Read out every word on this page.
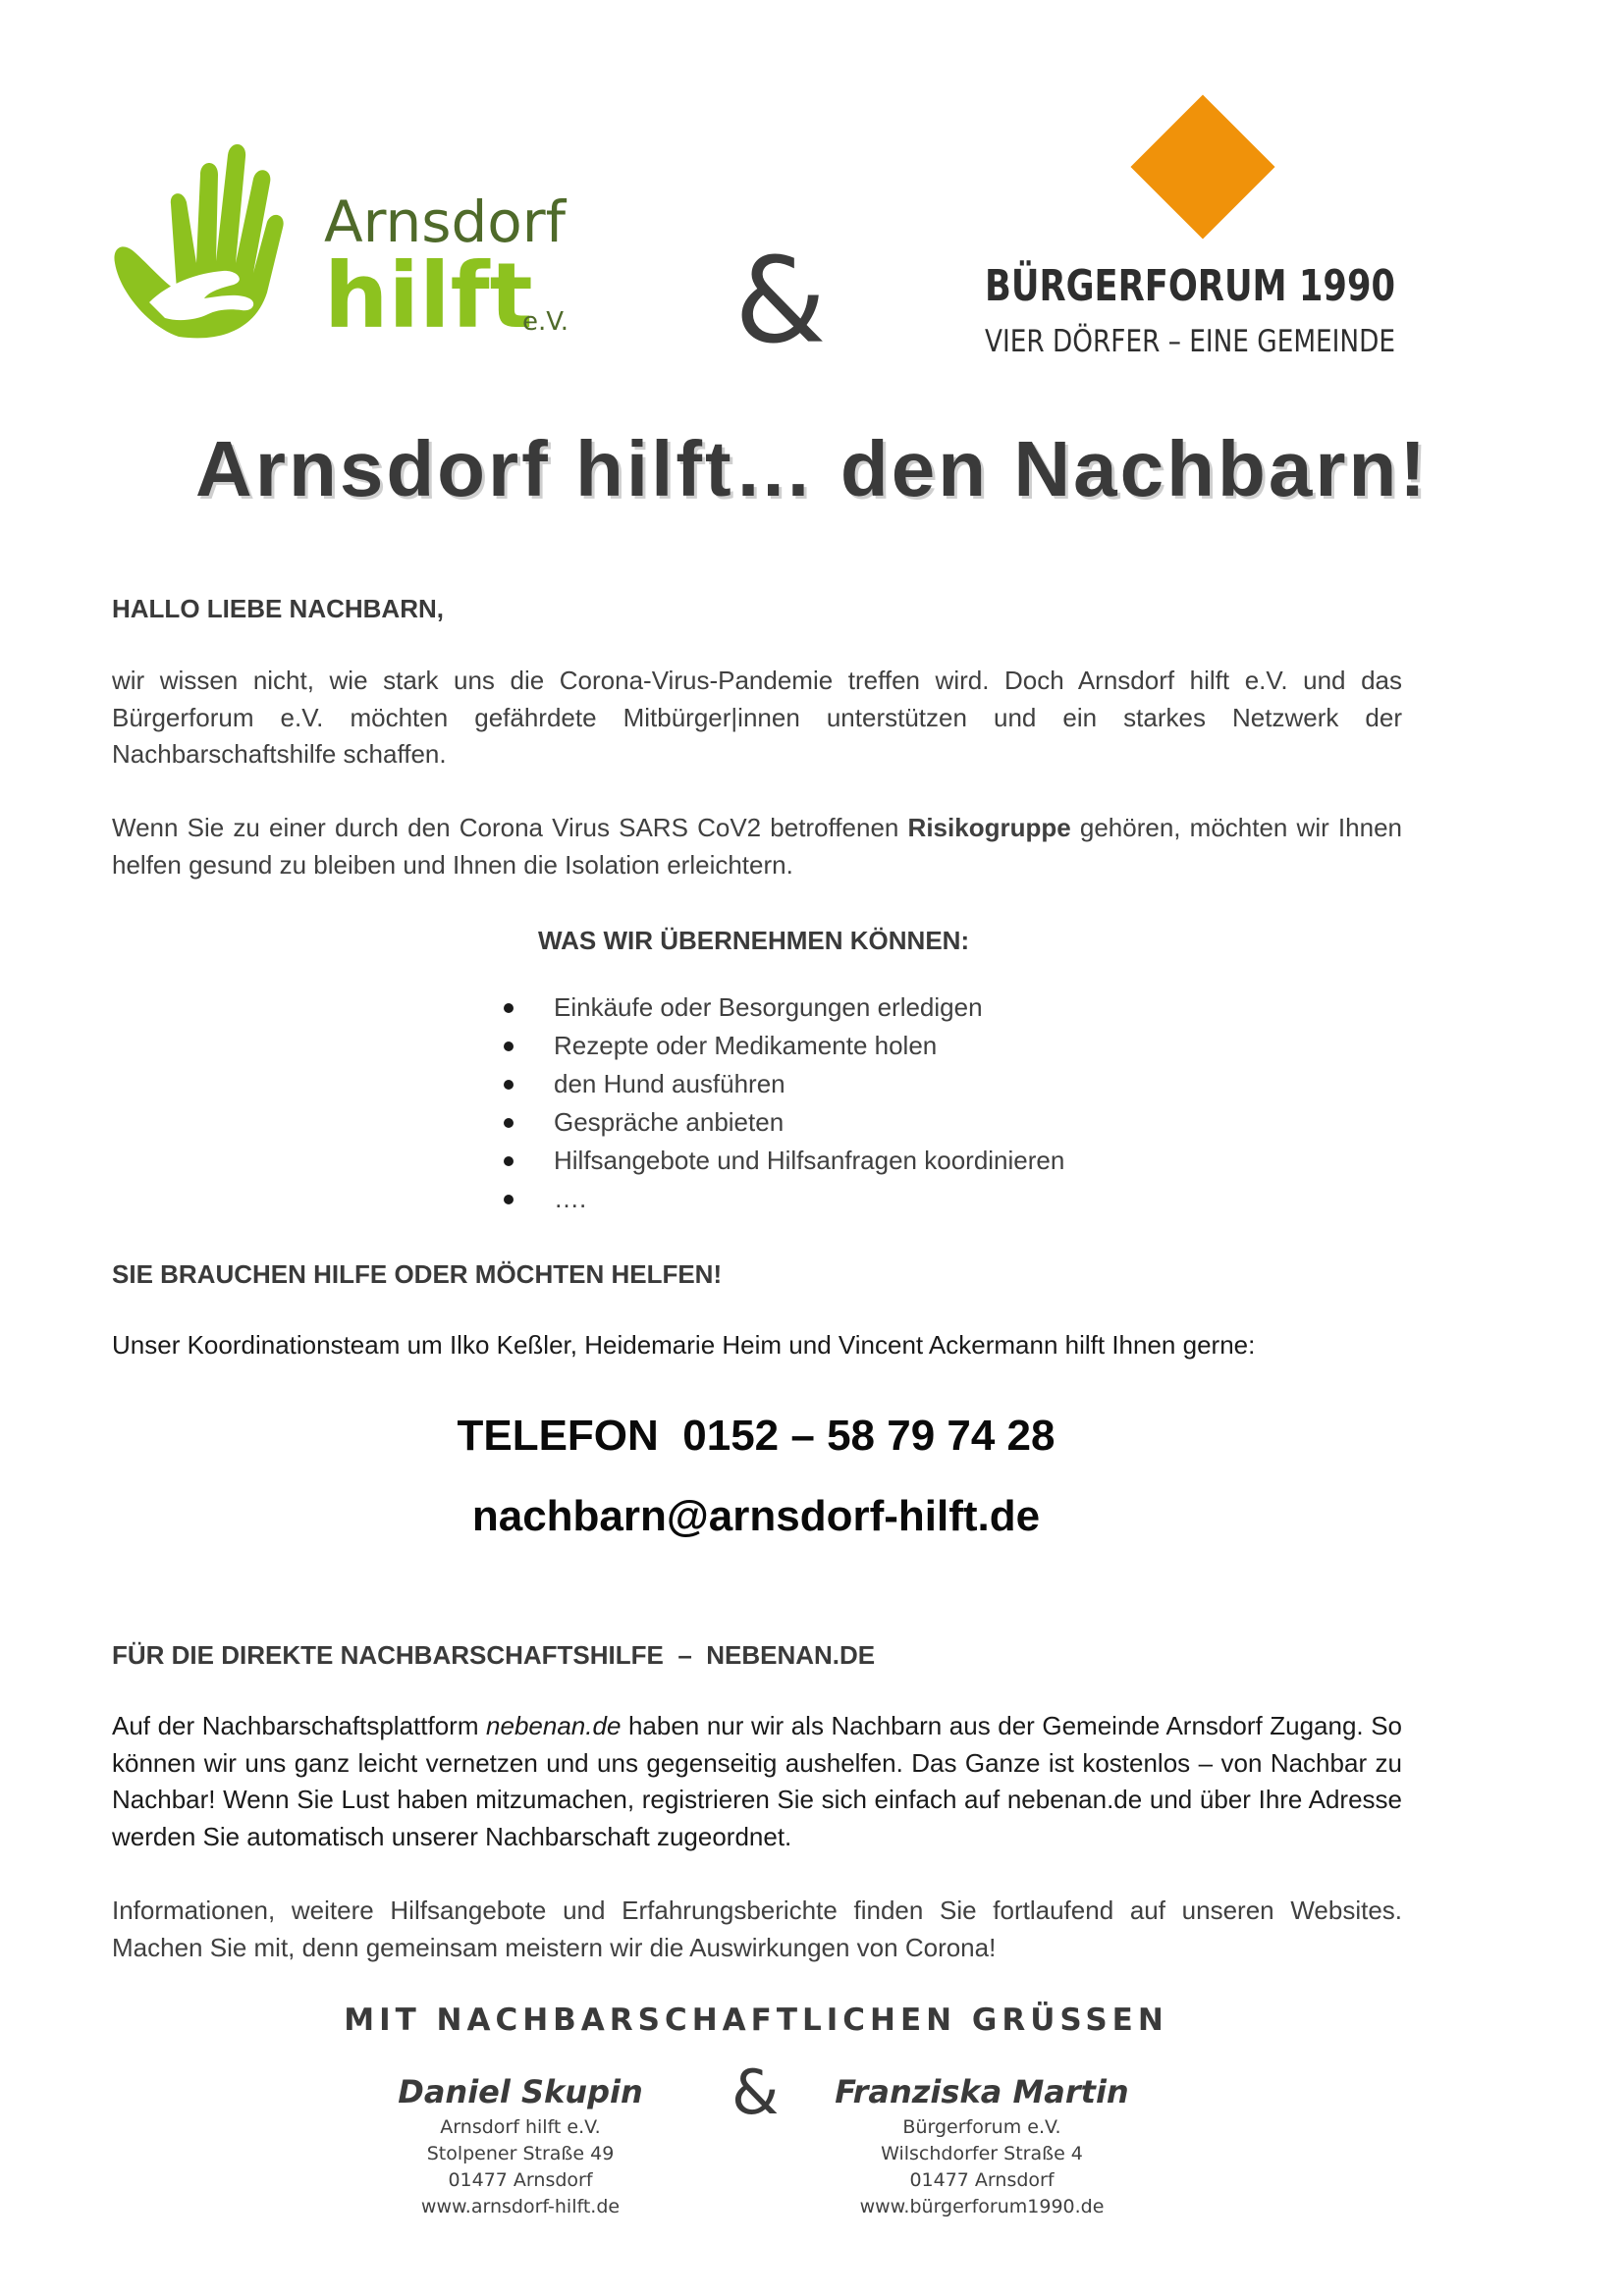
Arnsdorf
hilft
e.V. &	BÜRGERFORUM 1990
VIER DÖRFER – EINE GEMEINDE
Arnsdorf hilft… den Nachbarn!
HALLO LIEBE NACHBARN,

wir wissen nicht, wie stark uns die Corona-Virus-Pandemie treffen wird. Doch Arnsdorf hilft e.V. und das Bürgerforum e.V. möchten gefährdete Mitbürger|innen unterstützen und ein starkes Netzwerk der Nachbarschaftshilfe schaffen.

Wenn Sie zu einer durch den Corona Virus SARS CoV2 betroffenen Risikogruppe gehören, möchten wir Ihnen helfen gesund zu bleiben und Ihnen die Isolation erleichtern.

WAS WIR ÜBERNEHMEN KÖNNEN:
Einkäufe oder Besorgungen erledigen
Rezepte oder Medikamente holen
den Hund ausführen
Gespräche anbieten
Hilfsangebote und Hilfsanfragen koordinieren
….
SIE BRAUCHEN HILFE ODER MÖCHTEN HELFEN!
Unser Koordinationsteam um Ilko Keßler, Heidemarie Heim und Vincent Ackermann hilft Ihnen gerne:
TELEFON  0152 – 58 79 74 28
nachbarn@arnsdorf-hilft.de
FÜR DIE DIREKTE NACHBARSCHAFTSHILFE  –  NEBENAN.DE

Auf der Nachbarschaftsplattform nebenan.de haben nur wir als Nachbarn aus der Gemeinde Arnsdorf Zugang. So können wir uns ganz leicht vernetzen und uns gegenseitig aushelfen. Das Ganze ist kostenlos – von Nachbar zu Nachbar! Wenn Sie Lust haben mitzumachen, registrieren Sie sich einfach auf nebenan.de und über Ihre Adresse werden Sie automatisch unserer Nachbarschaft zugeordnet.

Informationen, weitere Hilfsangebote und Erfahrungsberichte finden Sie fortlaufend auf unseren Websites. Machen Sie mit, denn gemeinsam meistern wir die Auswirkungen von Corona!

MIT NACHBARSCHAFTLICHEN GRÜSSEN
Daniel Skupin
Arnsdorf hilft e.V.
Stolpener Straße 49
01477 Arnsdorf
www.arnsdorf-hilft.de
& Franziska Martin
Bürgerforum e.V.
Wilschdorfer Straße 4
01477 Arnsdorf
www.bürgerforum1990.de
